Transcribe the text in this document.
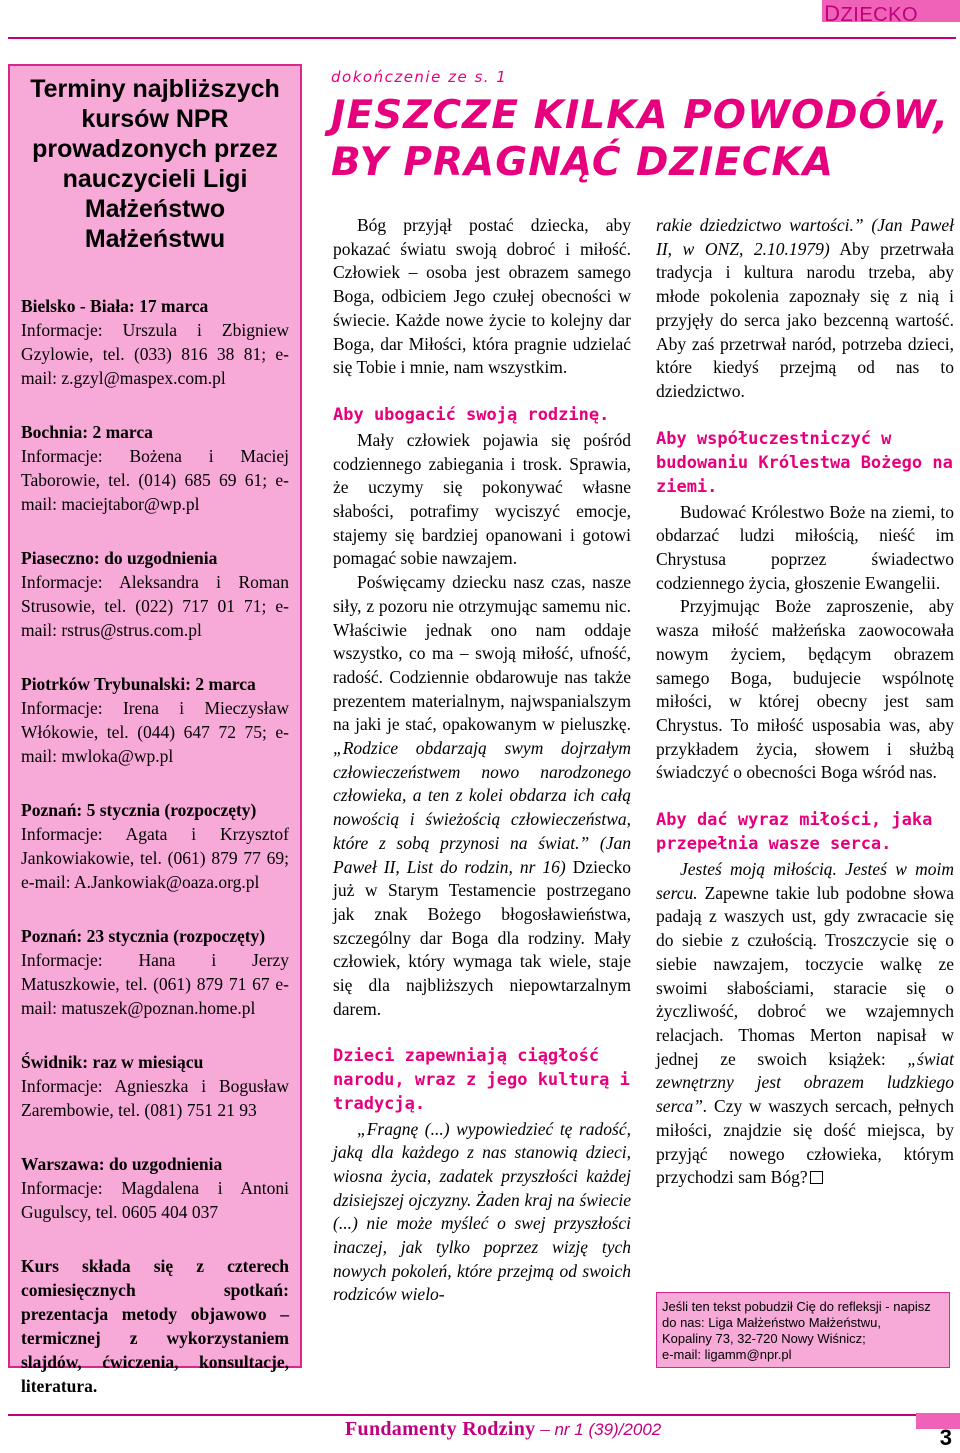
DZIECKO
Terminy najbliższych kursów NPR prowadzonych przez nauczycieli Ligi Małżeństwo Małżeństwu
Bielsko - Biała: 17 marca
Informacje: Urszula i Zbigniew Gzylowie, tel. (033) 816 38 81; e-mail: z.gzyl@maspex.com.pl
Bochnia: 2 marca
Informacje: Bożena i Maciej Taborowie, tel. (014) 685 69 61; e-mail: maciejtabor@wp.pl
Piaseczno: do uzgodnienia
Informacje: Aleksandra i Roman Strusowie, tel. (022) 717 01 71; e-mail: rstrus@strus.com.pl
Piotrków Trybunalski: 2 marca
Informacje: Irena i Mieczysław Włókowie, tel. (044) 647 72 75; e-mail: mwloka@wp.pl
Poznań: 5 stycznia (rozpoczęty)
Informacje: Agata i Krzysztof Jankowiakowie, tel. (061) 879 77 69; e-mail: A.Jankowiak@oaza.org.pl
Poznań: 23 stycznia (rozpoczęty)
Informacje: Hana i Jerzy Matuszkowie, tel. (061) 879 71 67 e-mail: matuszek@poznan.home.pl
Świdnik: raz w miesiącu
Informacje: Agnieszka i Bogusław Zarembowie, tel. (081) 751 21 93
Warszawa: do uzgodnienia
Informacje: Magdalena i Antoni Gugulscy, tel. 0605 404 037
Kurs składa się z czterech comiesięcznych spotkań: prezentacja metody objawowo – termicznej z wykorzystaniem slajdów, ćwiczenia, konsultacje, literatura.
dokończenie ze s. 1
JESZCZE KILKA POWODÓW,
BY PRAGNĄĆ DZIECKA

Bóg przyjął postać dziecka, aby pokazać światu swoją dobroć i miłość. Człowiek – osoba jest obrazem samego Boga, odbiciem Jego czułej obecności w świecie. Każde nowe życie to kolejny dar Boga, dar Miłości, która pragnie udzielać się Tobie i mnie, nam wszystkim.

Aby ubogacić swoją rodzinę.

Mały człowiek pojawia się pośród codziennego zabiegania i trosk. Sprawia, że uczymy się pokonywać własne słabości, potrafimy wyciszyć emocje, stajemy się bardziej opanowani i gotowi pomagać sobie nawzajem.

Poświęcamy dziecku nasz czas, nasze siły, z pozoru nie otrzymując samemu nic. Właściwie jednak ono nam oddaje wszystko, co ma – swoją miłość, ufność, radość. Codziennie obdarowuje nas także prezentem materialnym, najwspanialszym na jaki je stać, opakowanym w pieluszkę. „Rodzice obdarzają swym dojrzałym człowieczeństwem nowo narodzonego człowieka, a ten z kolei obdarza ich całą nowością i świeżością człowieczeństwa, które z sobą przynosi na świat.” (Jan Paweł II, List do rodzin, nr 16) Dziecko już w Starym Testamencie postrzegano jak znak Bożego błogosławieństwa, szczególny dar Boga dla rodziny. Mały człowiek, który wymaga tak wiele, staje się dla najbliższych niepowtarzalnym darem.

Dzieci zapewniają ciągłość narodu, wraz z jego kulturą i tradycją.

„Fragnę (...) wypowiedzieć tę radość, jaką dla każdego z nas stanowią dzieci, wiosna życia, zadatek przyszłości każdej dzisiejszej ojczyzny. Żaden kraj na świecie (...) nie może myśleć o swej przyszłości inaczej, jak tylko poprzez wizję tych nowych pokoleń, które przejmą od swoich rodziców wielo-

rakie dziedzictwo wartości.” (Jan Paweł II, w ONZ, 2.10.1979) Aby przetrwała tradycja i kultura narodu trzeba, aby młode pokolenia zapoznały się z nią i przyjęły do serca jako bezcenną wartość. Aby zaś przetrwał naród, potrzeba dzieci, które kiedyś przejmą od nas to dziedzictwo.

Aby współuczestniczyć w budowaniu Królestwa Bożego na ziemi.

Budować Królestwo Boże na ziemi, to obdarzać ludzi miłością, nieść im Chrystusa poprzez świadectwo codziennego życia, głoszenie Ewangelii.

Przyjmując Boże zaproszenie, aby wasza miłość małżeńska zaowocowała nowym życiem, będącym obrazem samego Boga, budujecie wspólnotę miłości, w której obecny jest sam Chrystus. To miłość usposabia was, aby przykładem życia, słowem i służbą świadczyć o obecności Boga wśród nas.

Aby dać wyraz miłości, jaka przepełnia wasze serca.

Jesteś moją miłością. Jesteś w moim sercu. Zapewne takie lub podobne słowa padają z waszych ust, gdy zwracacie się do siebie z czułością. Troszczycie się o siebie nawzajem, toczycie walkę ze swoimi słabościami, staracie się o życzliwość, dobroć we wzajemnych relacjach. Thomas Merton napisał w jednej ze swoich książek: „świat zewnętrzny jest obrazem ludzkiego serca”. Czy w waszych sercach, pełnych miłości, znajdzie się dość miejsca, by przyjąć nowego człowieka, którym przychodzi sam Bóg?

Jeśli ten tekst pobudził Cię do refleksji - napisz do nas: Liga Małżeństwo Małżeństwu,
Kopaliny 73, 32-720 Nowy Wiśnicz;
e-mail: ligamm@npr.pl
Fundamenty Rodziny – nr 1 (39)/2002	3
